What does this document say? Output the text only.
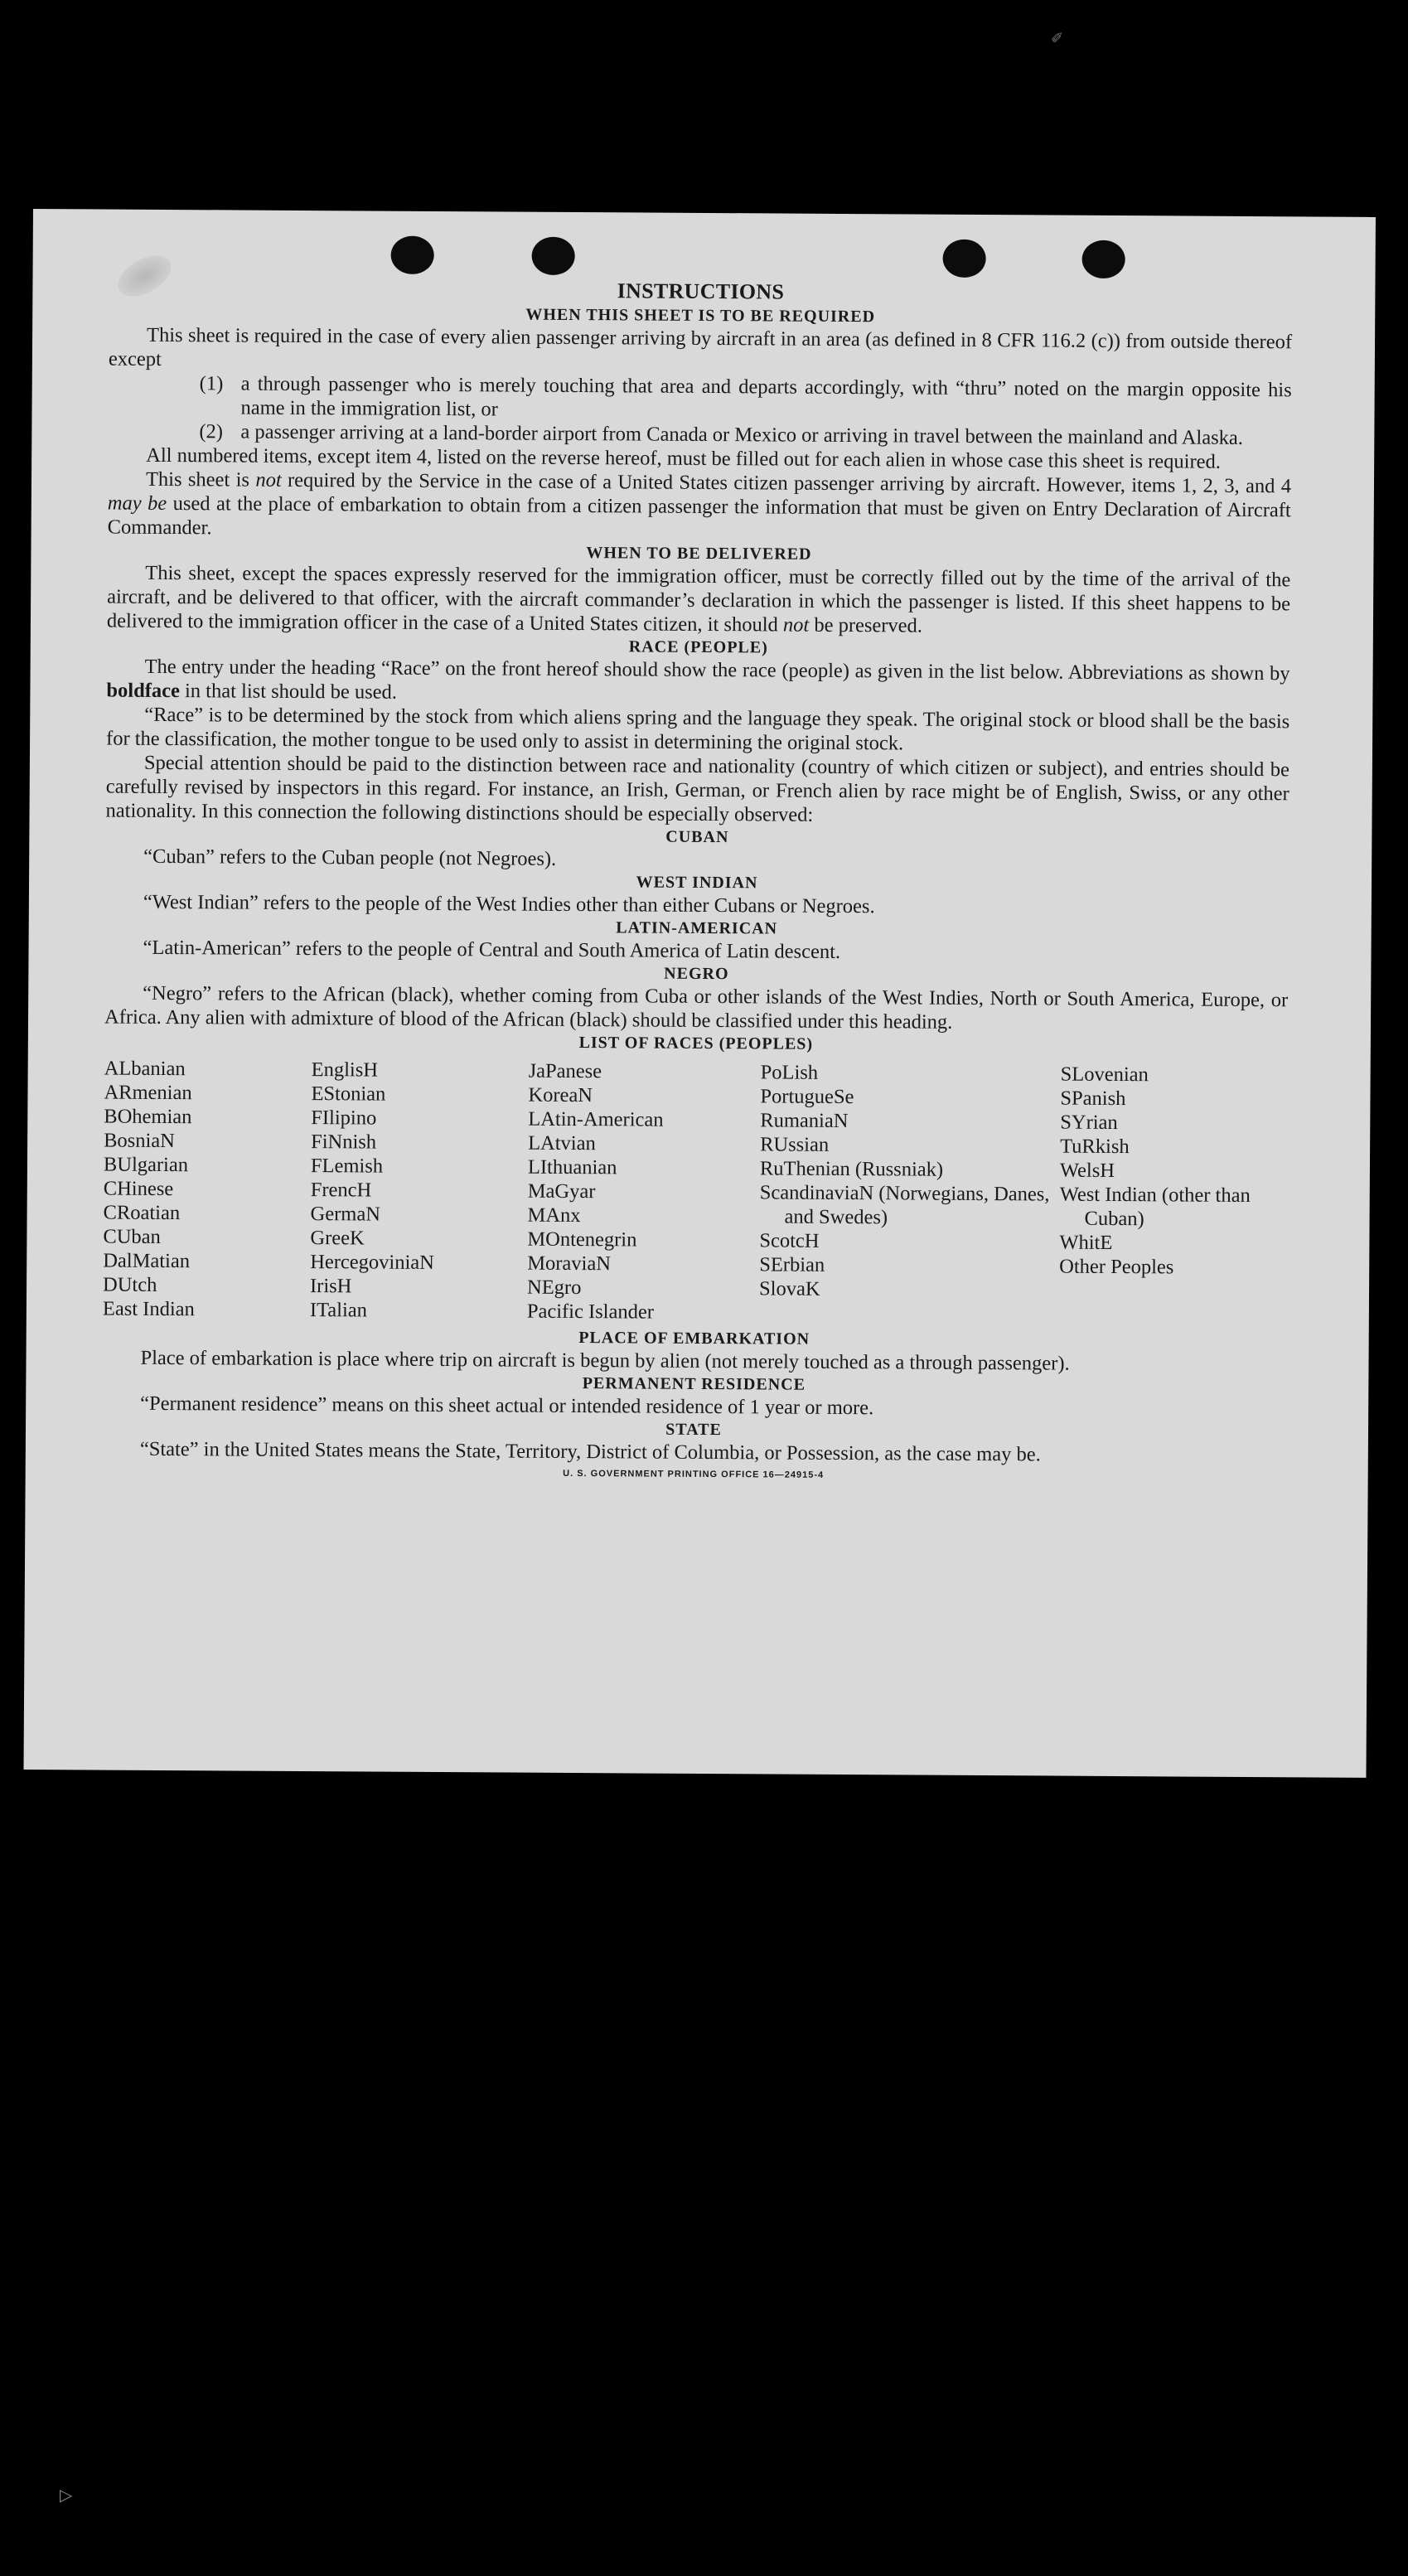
✐
INSTRUCTIONS
WHEN THIS SHEET IS TO BE REQUIRED

This sheet is required in the case of every alien passenger arriving by aircraft in an area (as defined in 8 CFR 116.2 (c)) from outside thereof except

(1) a through passenger who is merely touching that area and departs accordingly, with “thru” noted on the margin opposite his name in the immigration list, or
(2) a passenger arriving at a land-border airport from Canada or Mexico or arriving in travel between the mainland and Alaska.

All numbered items, except item 4, listed on the reverse hereof, must be filled out for each alien in whose case this sheet is required.

This sheet is not required by the Service in the case of a United States citizen passenger arriving by aircraft. However, items 1, 2, 3, and 4 may be used at the place of embarkation to obtain from a citizen passenger the information that must be given on Entry Declaration of Aircraft Commander.

WHEN TO BE DELIVERED

This sheet, except the spaces expressly reserved for the immigration officer, must be correctly filled out by the time of the arrival of the aircraft, and be delivered to that officer, with the aircraft commander’s declaration in which the passenger is listed. If this sheet happens to be delivered to the immigration officer in the case of a United States citizen, it should not be preserved.

RACE (PEOPLE)

The entry under the heading “Race” on the front hereof should show the race (people) as given in the list below. Abbreviations as shown by boldface in that list should be used.

“Race” is to be determined by the stock from which aliens spring and the language they speak. The original stock or blood shall be the basis for the classification, the mother tongue to be used only to assist in determining the original stock.

Special attention should be paid to the distinction between race and nationality (country of which citizen or subject), and entries should be carefully revised by inspectors in this regard. For instance, an Irish, German, or French alien by race might be of English, Swiss, or any other nationality. In this connection the following distinctions should be especially observed:

CUBAN

“Cuban” refers to the Cuban people (not Negroes).

WEST INDIAN

“West Indian” refers to the people of the West Indies other than either Cubans or Negroes.

LATIN-AMERICAN

“Latin-American” refers to the people of Central and South America of Latin descent.

NEGRO

“Negro” refers to the African (black), whether coming from Cuba or other islands of the West Indies, North or South America, Europe, or Africa. Any alien with admixture of blood of the African (black) should be classified under this heading.

LIST OF RACES (PEOPLES)
ALbanian
ARmenian
BOhemian
BosniaN
BUlgarian
CHinese
CRoatian
CUban
DalMatian
DUtch
East Indian
EnglisH
EStonian
FIlipino
FiNnish
FLemish
FrencH
GermaN
GreeK
HercegoviniaN
IrisH
ITalian
JaPanese
KoreaN
LAtin-American
LAtvian
LIthuanian
MaGyar
MAnx
MOntenegrin
MoraviaN
NEgro
Pacific Islander
PoLish
PortugueSe
RumaniaN
RUssian
RuThenian (Russniak)
ScandinaviaN (Norwegians, Danes, and Swedes)
ScotcH
SErbian
SlovaK
SLovenian
SPanish
SYrian
TuRkish
WelsH
West Indian (other than Cuban)
WhitE
Other Peoples
PLACE OF EMBARKATION

Place of embarkation is place where trip on aircraft is begun by alien (not merely touched as a through passenger).

PERMANENT RESIDENCE

“Permanent residence” means on this sheet actual or intended residence of 1 year or more.

STATE

“State” in the United States means the State, Territory, District of Columbia, or Possession, as the case may be.

U. S. GOVERNMENT PRINTING OFFICE 16—24915-4
▷
